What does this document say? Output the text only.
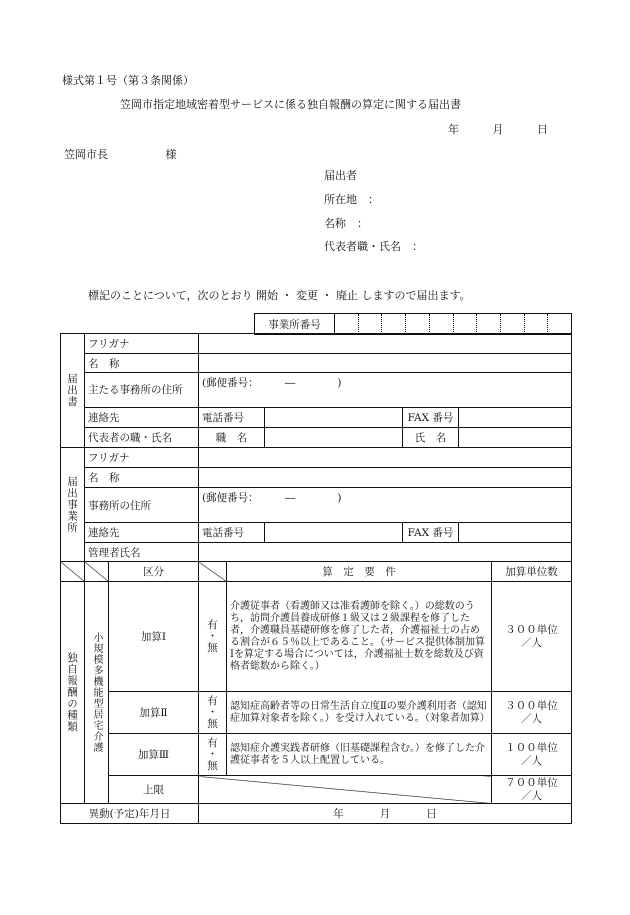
様式第１号（第３条関係）
笠岡市指定地域密着型サービスに係る独自報酬の算定に関する届出書
年	月	日
笠岡市長	様
届出者
所在地　：
名称　：
代表者職・氏名　：
標記のことについて，次のとおり 開始 ・ 変更 ・ 廃止 しますので届出ます。
事業所番号	

届出書	フリガナ									
	名　称									
	主たる事務所の住所		(郵便番号：　　　―　　　　)							
	連絡先		電話番号				FAX 番号			
	代表者の職・氏名		職　名				氏　名			
届出事業所	フリガナ									
	名　称									
	事務所の住所		(郵便番号：　　　―　　　　)							
	連絡先		電話番号				FAX 番号			
	管理者氏名									
		区分		算　定　要　件						加算単位数
独自報酬の種類	小規模多機能型居宅介護	加算Ⅰ	有・無	介護従事者（看護師又は准看護師を除く。）の総数のうち，訪問介護員養成研修１級又は２級課程を修了した者，介護職員基礎研修を修了した者，介護福祉士の占める割合が６５％以上であること。（サービス提供体制加算Ⅰを算定する場合については，介護福祉士数を総数及び資格者総数から除く。）						３００単位
／人

		加算Ⅱ	有・無	認知症高齢者等の日常生活自立度Ⅱの要介護利用者（認知症加算対象者を除く。）を受け入れている。（対象者加算）						３００単位
／人

		加算Ⅲ	有・無	認知症介護実践者研修（旧基礎課程含む。）を修了した介護従事者を５人以上配置している。						１００単位
／人

		上限								７００単位
／人

異動(予定)年月日			年 月 日							
